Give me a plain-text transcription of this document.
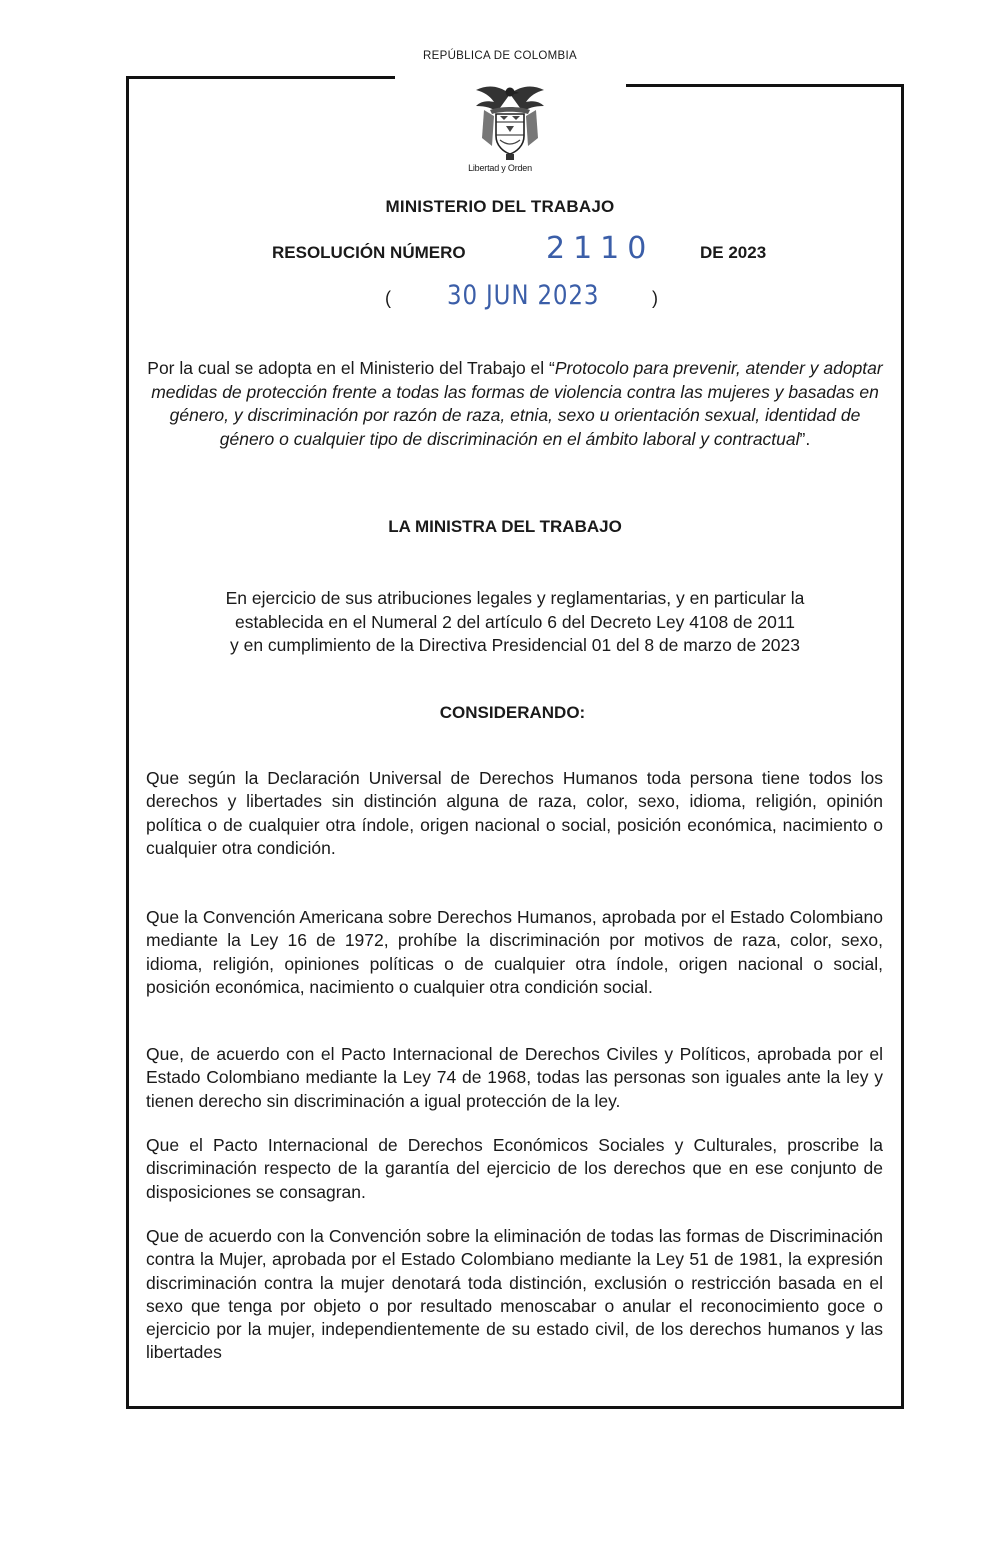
REPÚBLICA DE COLOMBIA
Libertad y Orden
MINISTERIO DEL TRABAJO
RESOLUCIÓN NÚMERO	2110	DE 2023
( 30 JUN 2023	)
Por la cual se adopta en el Ministerio del Trabajo el “Protocolo para prevenir, atender y adoptar medidas de protección frente a todas las formas de violencia contra las mujeres y basadas en género, y discriminación por razón de raza, etnia, sexo u orientación sexual, identidad de género o cualquier tipo de discriminación en el ámbito laboral y contractual”.
LA MINISTRA DEL TRABAJO
En ejercicio de sus atribuciones legales y reglamentarias, y en particular la
establecida en el Numeral 2 del artículo 6 del Decreto Ley 4108 de 2011
y en cumplimiento de la Directiva Presidencial 01 del 8 de marzo de 2023
CONSIDERANDO:
Que según la Declaración Universal de Derechos Humanos toda persona tiene todos los derechos y libertades sin distinción alguna de raza, color, sexo, idioma, religión, opinión política o de cualquier otra índole, origen nacional o social, posición económica, nacimiento o cualquier otra condición.
Que la Convención Americana sobre Derechos Humanos, aprobada por el Estado Colombiano mediante la Ley 16 de 1972, prohíbe la discriminación por motivos de raza, color, sexo, idioma, religión, opiniones políticas o de cualquier otra índole, origen nacional o social, posición económica, nacimiento o cualquier otra condición social.
Que, de acuerdo con el Pacto Internacional de Derechos Civiles y Políticos, aprobada por el Estado Colombiano mediante la Ley 74 de 1968, todas las personas son iguales ante la ley y tienen derecho sin discriminación a igual protección de la ley.
Que el Pacto Internacional de Derechos Económicos Sociales y Culturales, proscribe la discriminación respecto de la garantía del ejercicio de los derechos que en ese conjunto de disposiciones se consagran.
Que de acuerdo con la Convención sobre la eliminación de todas las formas de Discriminación contra la Mujer, aprobada por el Estado Colombiano mediante la Ley 51 de 1981, la expresión discriminación contra la mujer denotará toda distinción, exclusión o restricción basada en el sexo que tenga por objeto o por resultado menoscabar o anular el reconocimiento goce o ejercicio por la mujer, independientemente de su estado civil, de los derechos humanos y las libertades
